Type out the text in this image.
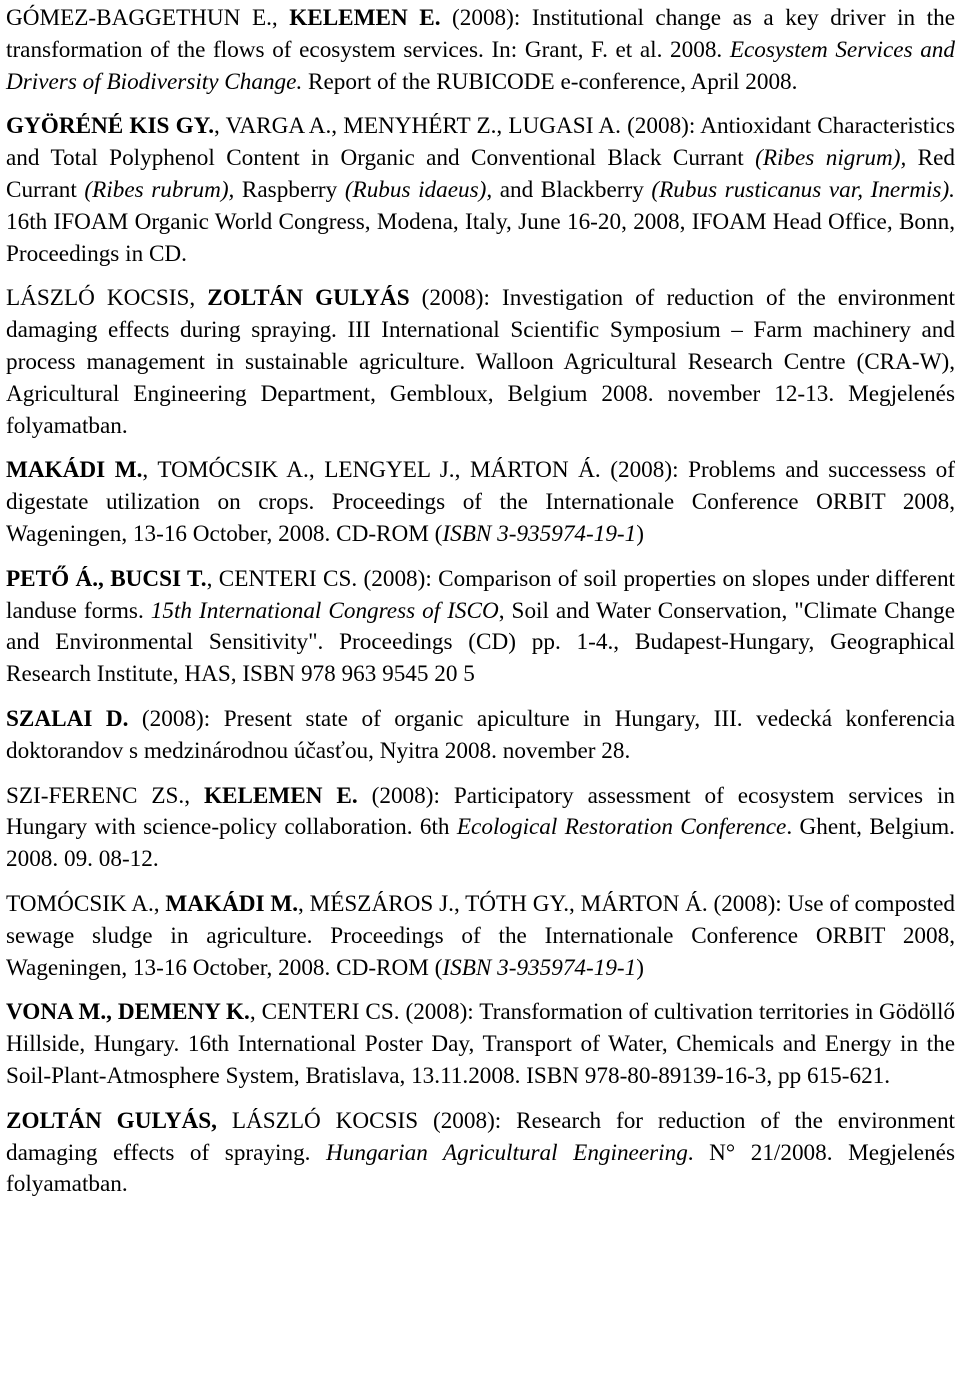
GÓMEZ-BAGGETHUN E., KELEMEN E. (2008): Institutional change as a key driver in the transformation of the flows of ecosystem services. In: Grant, F. et al. 2008. Ecosystem Services and Drivers of Biodiversity Change. Report of the RUBICODE e-conference, April 2008.

GYÖRÉNÉ KIS GY., VARGA A., MENYHÉRT Z., LUGASI A. (2008): Antioxidant Characteristics and Total Polyphenol Content in Organic and Conventional Black Currant (Ribes nigrum), Red Currant (Ribes rubrum), Raspberry (Rubus idaeus), and Blackberry (Rubus rusticanus var, Inermis). 16th IFOAM Organic World Congress, Modena, Italy, June 16-20, 2008, IFOAM Head Office, Bonn, Proceedings in CD.

LÁSZLÓ KOCSIS, ZOLTÁN GULYÁS (2008): Investigation of reduction of the environment damaging effects during spraying. III International Scientific Symposium – Farm machinery and process management in sustainable agriculture. Walloon Agricultural Research Centre (CRA-W), Agricultural Engineering Department, Gembloux, Belgium 2008. november 12-13. Megjelenés folyamatban.

MAKÁDI M., TOMÓCSIK A., LENGYEL J., MÁRTON Á. (2008): Problems and successess of digestate utilization on crops. Proceedings of the Internationale Conference ORBIT 2008, Wageningen, 13-16 October, 2008. CD-ROM (ISBN 3-935974-19-1)

PETŐ Á., BUCSI T., CENTERI CS. (2008): Comparison of soil properties on slopes under different landuse forms. 15th International Congress of ISCO, Soil and Water Conservation, "Climate Change and Environmental Sensitivity". Proceedings (CD) pp. 1-4., Budapest-Hungary, Geographical Research Institute, HAS, ISBN 978 963 9545 20 5

SZALAI D. (2008): Present state of organic apiculture in Hungary, III. vedecká konferencia doktorandov s medzinárodnou účasťou, Nyitra 2008. november 28.

SZI-FERENC ZS., KELEMEN E. (2008): Participatory assessment of ecosystem services in Hungary with science-policy collaboration. 6th Ecological Restoration Conference. Ghent, Belgium. 2008. 09. 08-12.

TOMÓCSIK A., MAKÁDI M., MÉSZÁROS J., TÓTH GY., MÁRTON Á. (2008): Use of composted sewage sludge in agriculture. Proceedings of the Internationale Conference ORBIT 2008, Wageningen, 13-16 October, 2008. CD-ROM (ISBN 3-935974-19-1)

VONA M., DEMENY K., CENTERI CS. (2008): Transformation of cultivation territories in Gödöllő Hillside, Hungary. 16th International Poster Day, Transport of Water, Chemicals and Energy in the Soil-Plant-Atmosphere System, Bratislava, 13.11.2008. ISBN 978-80-89139-16-3, pp 615-621.

ZOLTÁN GULYÁS, LÁSZLÓ KOCSIS (2008): Research for reduction of the environment damaging effects of spraying. Hungarian Agricultural Engineering. N° 21/2008. Megjelenés folyamatban.
